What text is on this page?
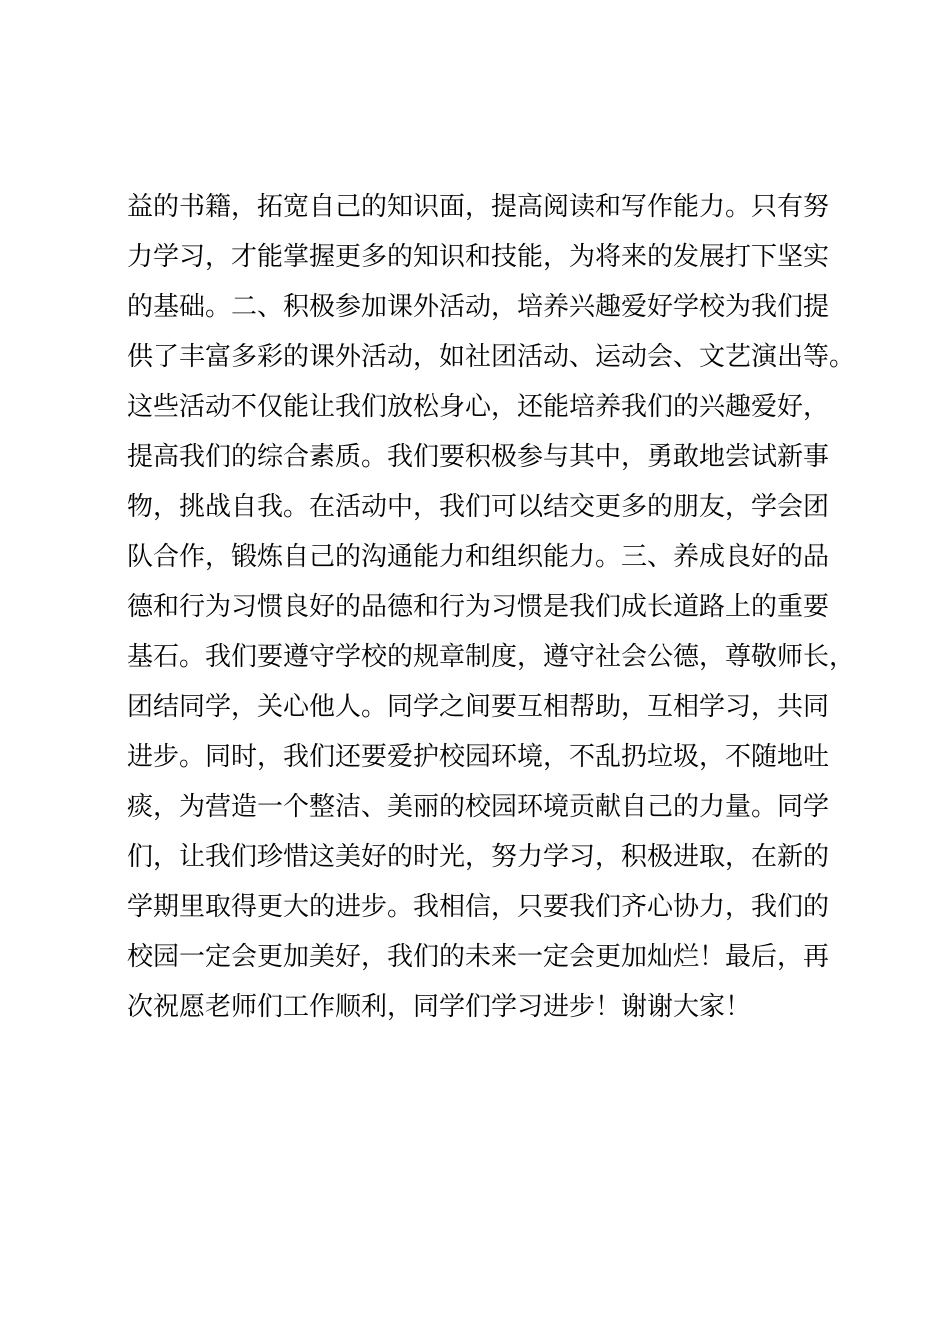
益的书籍，拓宽自己的知识面，提高阅读和写作能力。只有努
力学习，才能掌握更多的知识和技能，为将来的发展打下坚实
的基础。二、积极参加课外活动，培养兴趣爱好学校为我们提
供了丰富多彩的课外活动，如社团活动、运动会、文艺演出等。
这些活动不仅能让我们放松身心，还能培养我们的兴趣爱好，
提高我们的综合素质。我们要积极参与其中，勇敢地尝试新事
物，挑战自我。在活动中，我们可以结交更多的朋友，学会团
队合作，锻炼自己的沟通能力和组织能力。三、养成良好的品
德和行为习惯良好的品德和行为习惯是我们成长道路上的重要
基石。我们要遵守学校的规章制度，遵守社会公德，尊敬师长，
团结同学，关心他人。同学之间要互相帮助，互相学习，共同
进步。同时，我们还要爱护校园环境，不乱扔垃圾，不随地吐
痰，为营造一个整洁、美丽的校园环境贡献自己的力量。同学
们，让我们珍惜这美好的时光，努力学习，积极进取，在新的
学期里取得更大的进步。我相信，只要我们齐心协力，我们的
校园一定会更加美好，我们的未来一定会更加灿烂！最后，再
次祝愿老师们工作顺利，同学们学习进步！谢谢大家！
